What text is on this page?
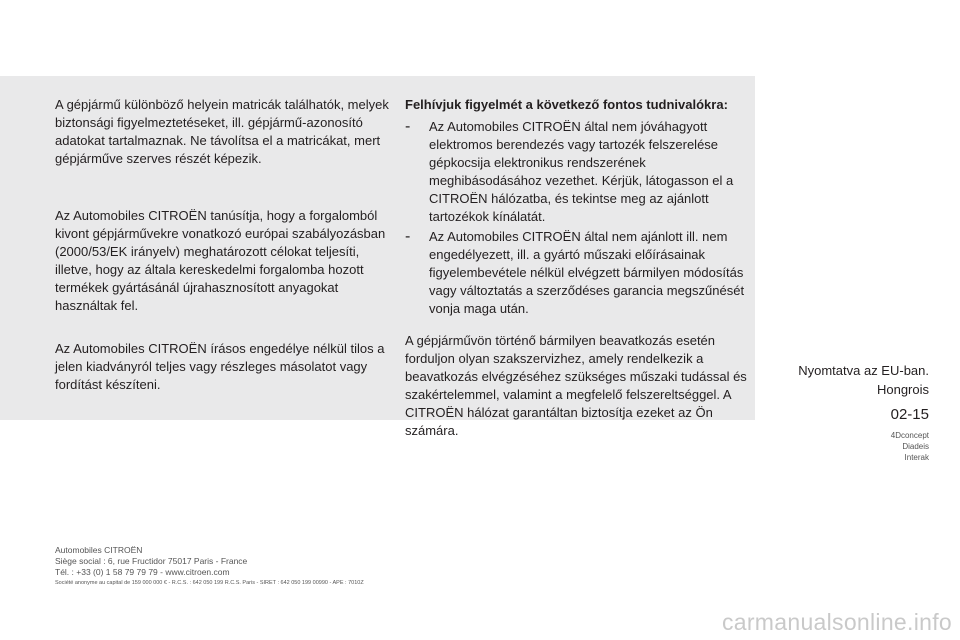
A gépjármű különböző helyein matricák találhatók, melyek biztonsági figyelmeztetéseket, ill. gépjármű-azonosító adatokat tartalmaznak. Ne távolítsa el a matricákat, mert gépjárműve szerves részét képezik.

Az Automobiles CITROËN tanúsítja, hogy a forgalomból kivont gépjárművekre vonatkozó európai szabályozásban (2000/53/EK irányelv) meghatározott célokat teljesíti, illetve, hogy az általa kereskedelmi forgalomba hozott termékek gyártásánál újrahasznosított anyagokat használtak fel.

Az Automobiles CITROËN írásos engedélye nélkül tilos a jelen kiadványról teljes vagy részleges másolatot vagy fordítást készíteni.

Felhívjuk figyelmét a következő fontos tudnivalókra:

- Az Automobiles CITROËN által nem jóváhagyott elektromos berendezés vagy tartozék felszerelése gépkocsija elektronikus rendszerének meghibásodásához vezethet. Kérjük, látogasson el a CITROËN hálózatba, és tekintse meg az ajánlott tartozékok kínálatát.

- Az Automobiles CITROËN által nem ajánlott ill. nem engedélyezett, ill. a gyártó műszaki előírásainak figyelembevétele nélkül elvégzett bármilyen módosítás vagy változtatás a szerződéses garancia megszűnését vonja maga után.

A gépjárművön történő bármilyen beavatkozás esetén forduljon olyan szakszervizhez, amely rendelkezik a beavatkozás elvégzéséhez szükséges műszaki tudással és szakértelemmel, valamint a megfelelő felszereltséggel. A CITROËN hálózat garantáltan biztosítja ezeket az Ön számára.

Nyomtatva az EU-ban.
Hongrois
02-15
4Dconcept
Diadeis
Interak
Automobiles CITROËN
Siège social : 6, rue Fructidor 75017 Paris - France
Tél. : +33 (0) 1 58 79 79 79 - www.citroen.com
Société anonyme au capital de 159 000 000 € - R.C.S. : 642 050 199 R.C.S. Paris - SIRET : 642 050 199 00990 - APE : 7010Z
carmanualsonline.info
